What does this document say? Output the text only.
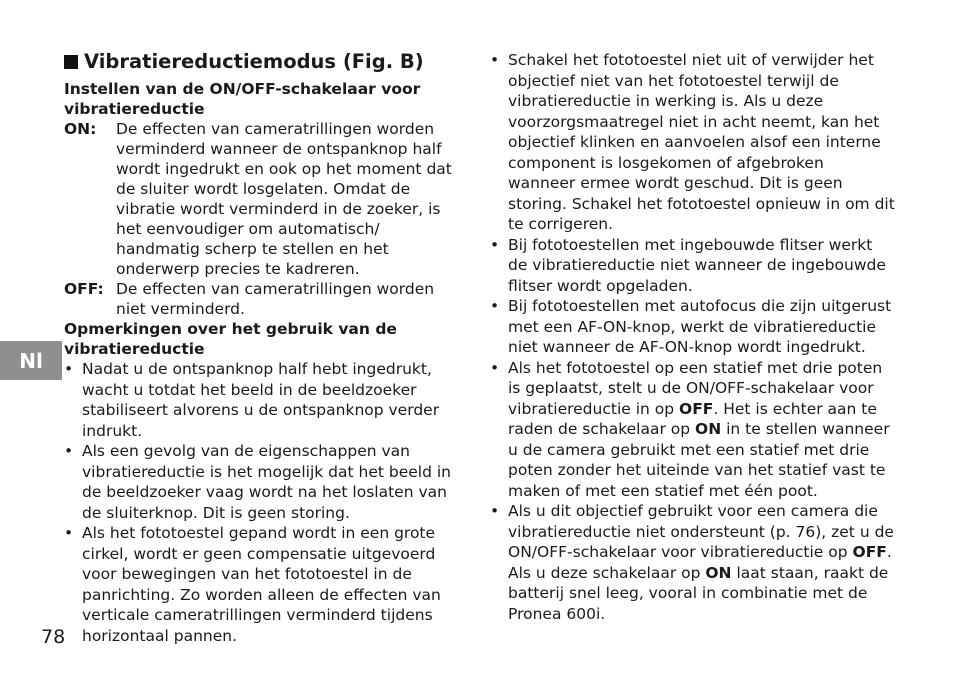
Nl
Vibratiereductiemodus (Fig. B)
Instellen van de ON/OFF-schakelaar voor vibratiereductie
ON:	De effecten van cameratrillingen worden verminderd wanneer de ontspanknop half wordt ingedrukt en ook op het moment dat de sluiter wordt losgelaten. Omdat de vibratie wordt verminderd in de zoeker, is het eenvoudiger om automatisch/ handmatig scherp te stellen en het onderwerp precies te kadreren.
OFF: De effecten van cameratrillingen worden niet verminderd.
Opmerkingen over het gebruik van de vibratiereductie
• Nadat u de ontspanknop half hebt ingedrukt, wacht u totdat het beeld in de beeldzoeker stabiliseert alvorens u de ontspanknop verder indrukt.
• Als een gevolg van de eigenschappen van vibratiereductie is het mogelijk dat het beeld in de beeldzoeker vaag wordt na het loslaten van de sluiterknop. Dit is geen storing.
• Als het fototoestel gepand wordt in een grote cirkel, wordt er geen compensatie uitgevoerd voor bewegingen van het fototoestel in de panrichting. Zo worden alleen de effecten van verticale cameratrillingen verminderd tijdens horizontaal pannen.
• Schakel het fototoestel niet uit of verwijder het objectief niet van het fototoestel terwijl de vibratiereductie in werking is. Als u deze voorzorgsmaatregel niet in acht neemt, kan het objectief klinken en aanvoelen alsof een interne component is losgekomen of afgebroken wanneer ermee wordt geschud. Dit is geen storing. Schakel het fototoestel opnieuw in om dit te corrigeren.
• Bij fototoestellen met ingebouwde flitser werkt de vibratiereductie niet wanneer de ingebouwde flitser wordt opgeladen.
• Bij fototoestellen met autofocus die zijn uitgerust met een AF-ON-knop, werkt de vibratiereductie niet wanneer de AF-ON-knop wordt ingedrukt.
• Als het fototoestel op een statief met drie poten is geplaatst, stelt u de ON/OFF-schakelaar voor vibratiereductie in op OFF. Het is echter aan te raden de schakelaar op ON in te stellen wanneer u de camera gebruikt met een statief met drie poten zonder het uiteinde van het statief vast te maken of met een statief met één poot.
• Als u dit objectief gebruikt voor een camera die vibratiereductie niet ondersteunt (p. 76), zet u de ON/OFF-schakelaar voor vibratiereductie op OFF. Als u deze schakelaar op ON laat staan, raakt de batterij snel leeg, vooral in combinatie met de Pronea 600i.
78
